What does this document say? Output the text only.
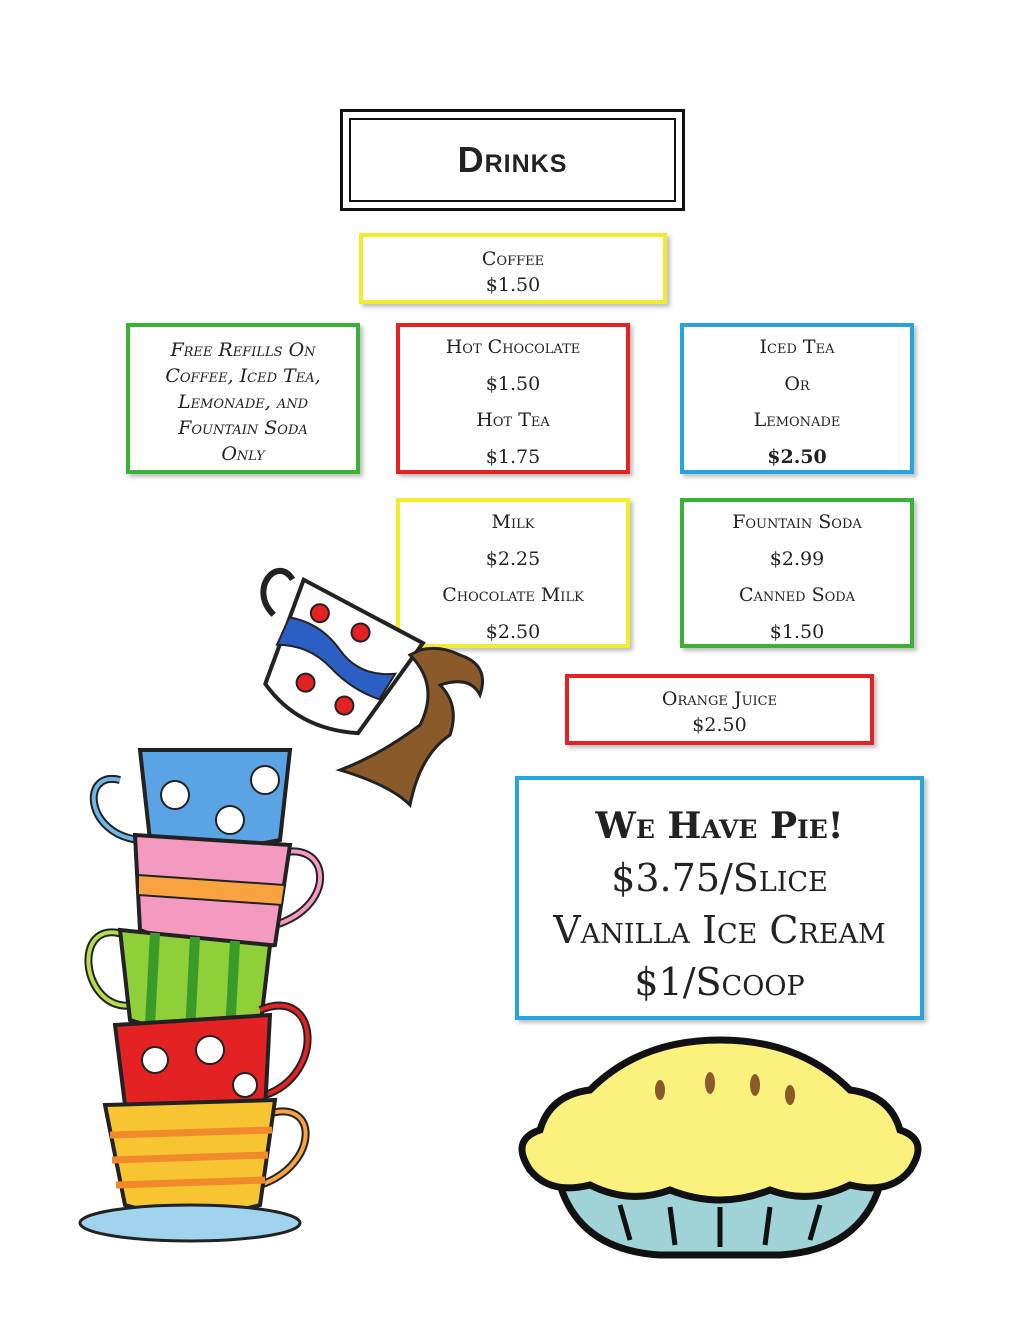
Drinks
Coffee
$1.50
Free Refills On
Coffee, Iced Tea,
Lemonade, and
Fountain Soda
Only
Hot Chocolate
$1.50
Hot Tea
$1.75
Iced Tea
Or
Lemonade
$2.50
Milk
$2.25
Chocolate Milk
$2.50
Fountain Soda
$2.99
Canned Soda
$1.50
Orange Juice
$2.50
We Have Pie!
$3.75/Slice
Vanilla Ice Cream
$1/Scoop
